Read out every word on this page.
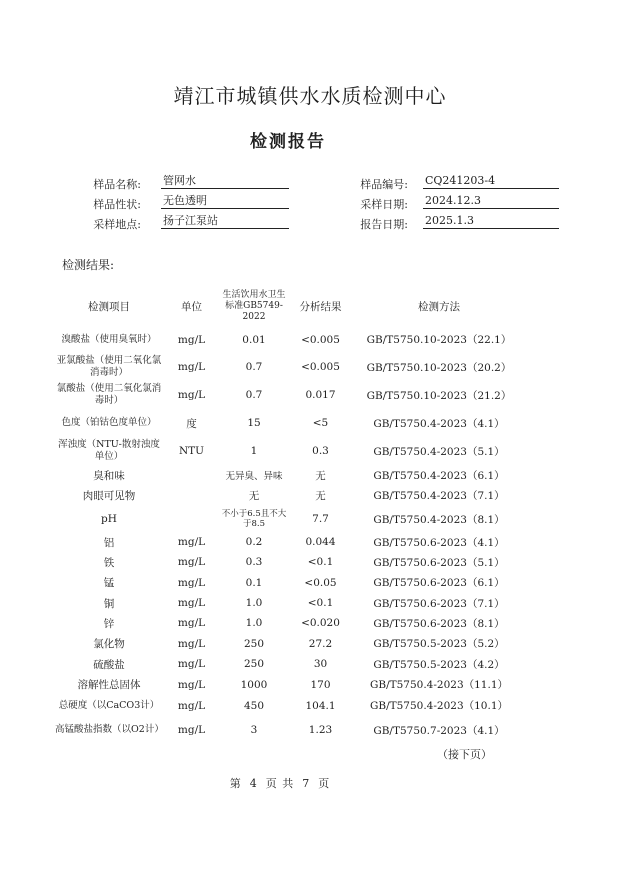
靖江市城镇供水水质检测中心
检测报告
样品名称: 管网水
样品性状: 无色透明
采样地点: 扬子江泵站
样品编号: CQ241203-4
采样日期: 2024.12.3
报告日期: 2025.1.3
检测结果:
检测项目	单位	生活饮用水卫生标准GB5749-2022	分析结果	检测方法
溴酸盐（使用臭氧时）	mg/L	0.01	<0.005	GB/T5750.10-2023（22.1）
亚氯酸盐（使用二氧化氯消毒时）	mg/L	0.7	<0.005	GB/T5750.10-2023（20.2）
氯酸盐（使用二氧化氯消毒时）	mg/L	0.7	0.017	GB/T5750.10-2023（21.2）
色度（铂钴色度单位）	度	15	<5	GB/T5750.4-2023（4.1）
浑浊度（NTU-散射浊度单位）	NTU	1	0.3	GB/T5750.4-2023（5.1）
臭和味		无异臭、异味	无	GB/T5750.4-2023（6.1）
肉眼可见物		无	无	GB/T5750.4-2023（7.1）
pH		不小于6.5且不大于8.5	7.7	GB/T5750.4-2023（8.1）
铝	mg/L	0.2	0.044	GB/T5750.6-2023（4.1）
铁	mg/L	0.3	<0.1	GB/T5750.6-2023（5.1）
锰	mg/L	0.1	<0.05	GB/T5750.6-2023（6.1）
铜	mg/L	1.0	<0.1	GB/T5750.6-2023（7.1）
锌	mg/L	1.0	<0.020	GB/T5750.6-2023（8.1）
氯化物	mg/L	250	27.2	GB/T5750.5-2023（5.2）
硫酸盐	mg/L	250	30	GB/T5750.5-2023（4.2）
溶解性总固体	mg/L	1000	170	GB/T5750.4-2023（11.1）
总硬度（以CaCO3计）	mg/L	450	104.1	GB/T5750.4-2023（10.1）
高锰酸盐指数（以O2计）	mg/L	3	1.23	GB/T5750.7-2023（4.1）
（接下页）
第 4 页 共 7 页
